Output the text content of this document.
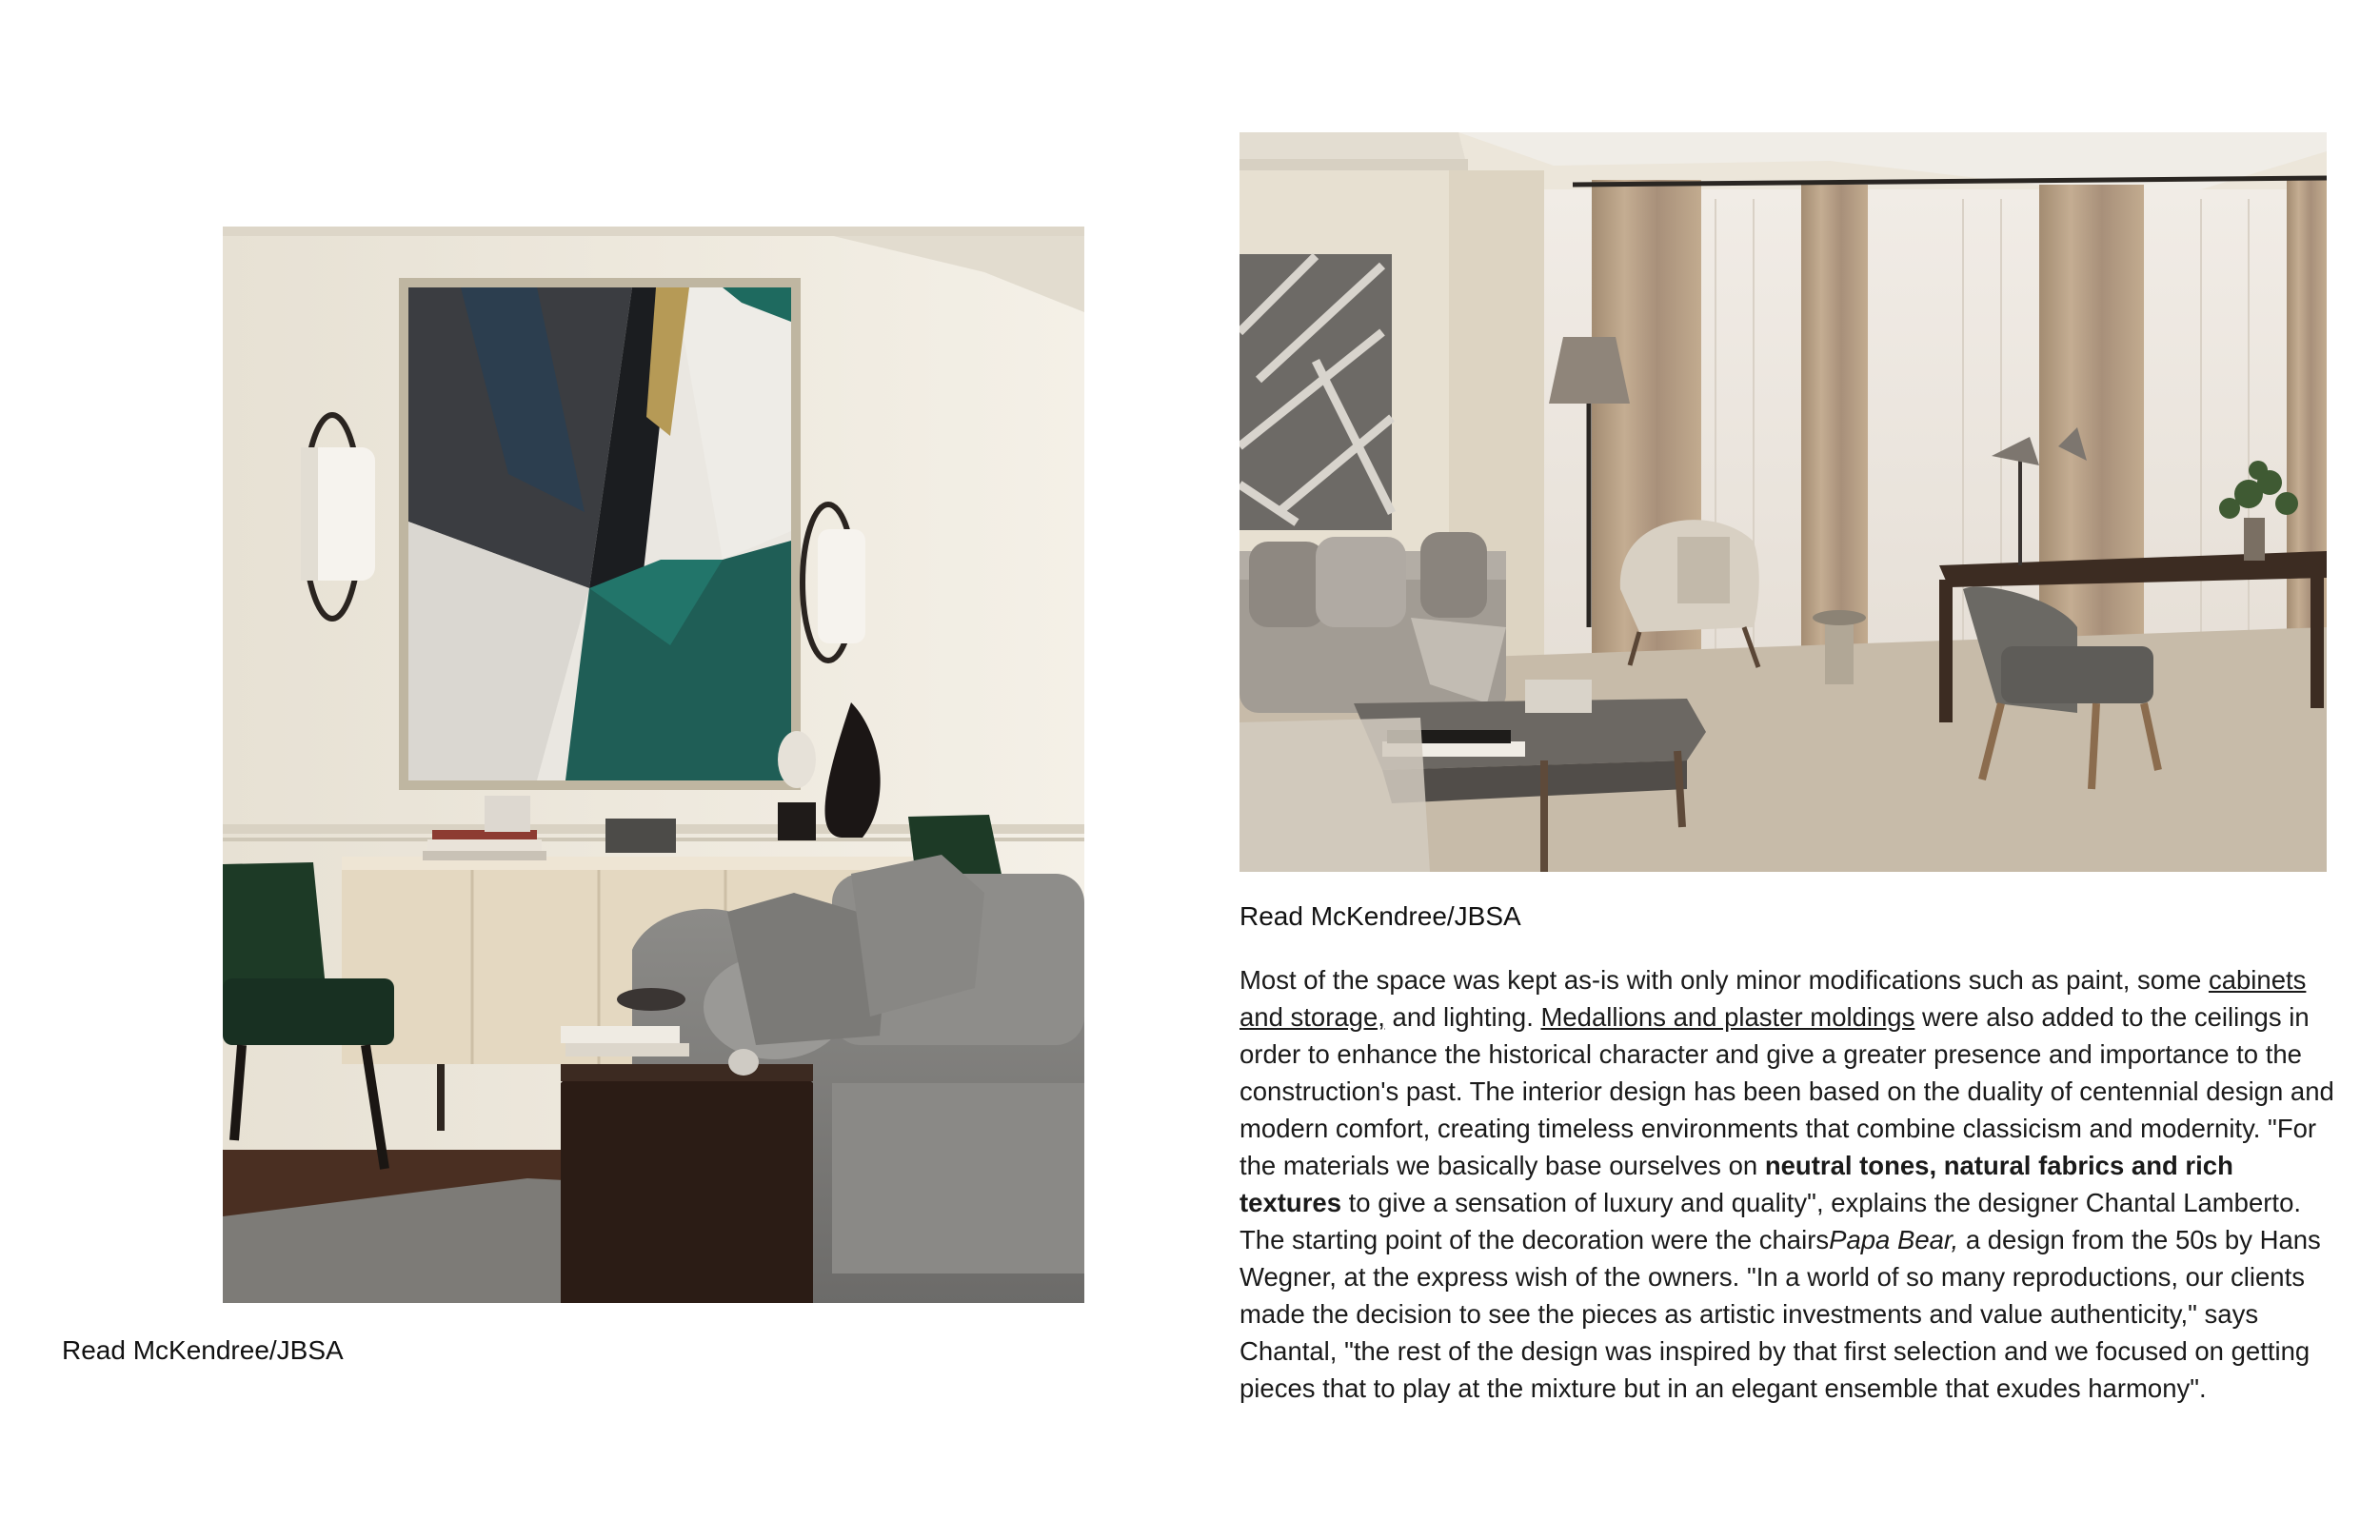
Read McKendree/JBSA
Read McKendree/JBSA

Most of the space was kept as-is with only minor modifications such as paint, some cabinets and storage, and lighting. Medallions and plaster moldings were also added to the ceilings in order to enhance the historical character and give a greater presence and importance to the construction's past. The interior design has been based on the duality of centennial design and modern comfort, creating timeless environments that combine classicism and modernity. "For the materials we basically base ourselves on neutral tones, natural fabrics and rich textures to give a sensation of luxury and quality", explains the designer Chantal Lamberto. The starting point of the decoration were the chairsPapa Bear, a design from the 50s by Hans Wegner, at the express wish of the owners. "In a world of so many reproductions, our clients made the decision to see the pieces as artistic investments and value authenticity," says Chantal, "the rest of the design was inspired by that first selection and we focused on getting pieces that to play at the mixture but in an elegant ensemble that exudes harmony".
